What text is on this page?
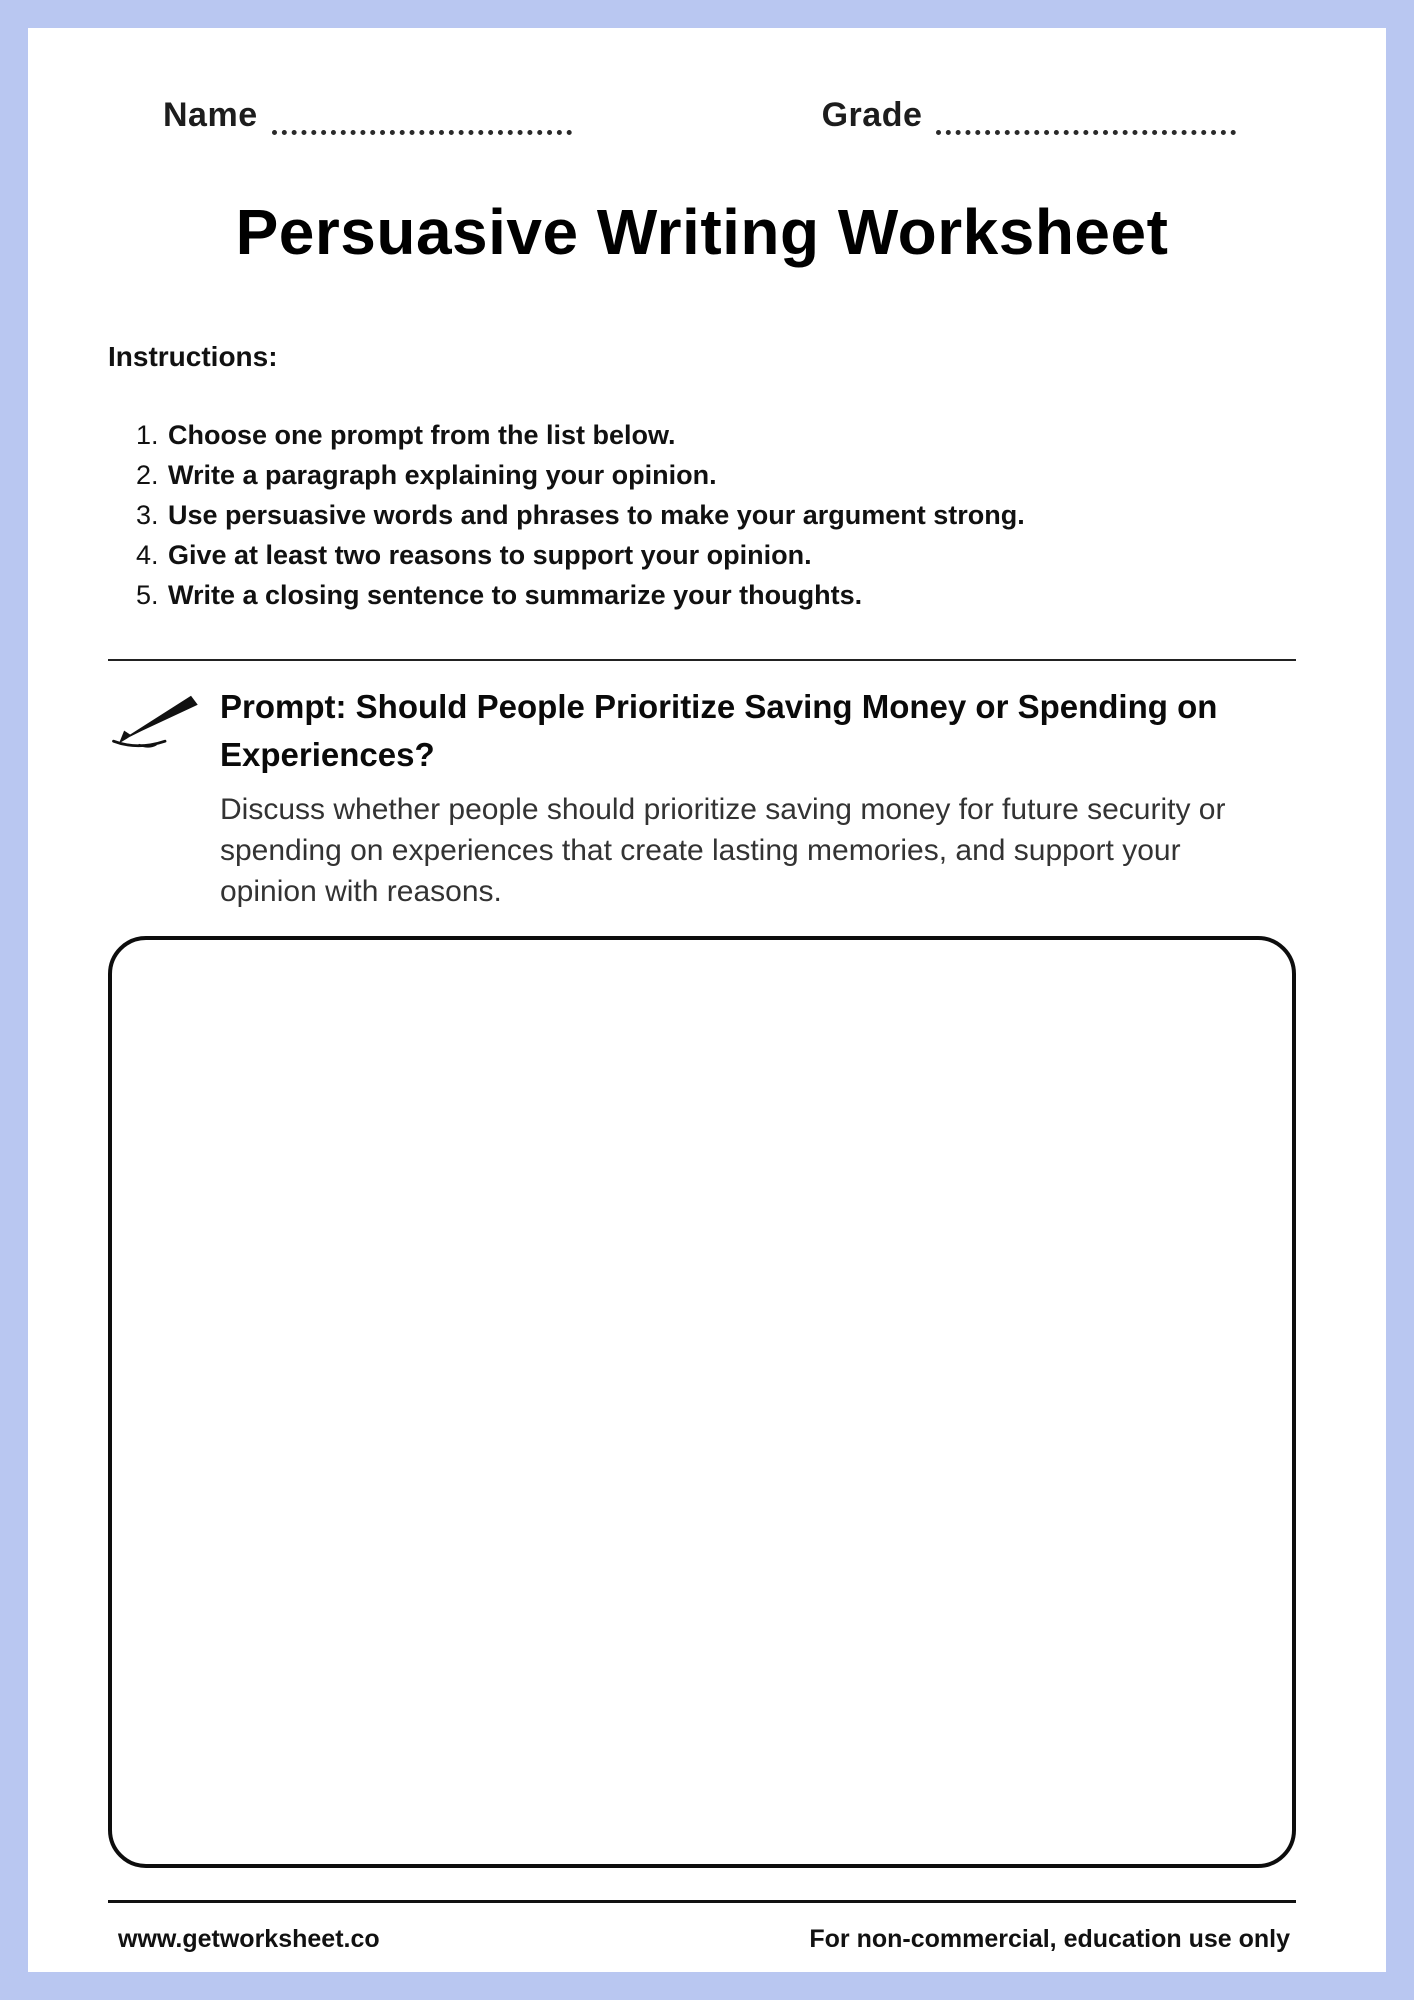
Name	Grade
Persuasive Writing Worksheet
Instructions:
1. Choose one prompt from the list below.
2. Write a paragraph explaining your opinion.
3. Use persuasive words and phrases to make your argument strong.
4. Give at least two reasons to support your opinion.
5. Write a closing sentence to summarize your thoughts.
Prompt: Should People Prioritize Saving Money or Spending on Experiences?
Discuss whether people should prioritize saving money for future security or spending on experiences that create lasting memories, and support your opinion with reasons.
www.getworksheet.co	For non-commercial, education use only
